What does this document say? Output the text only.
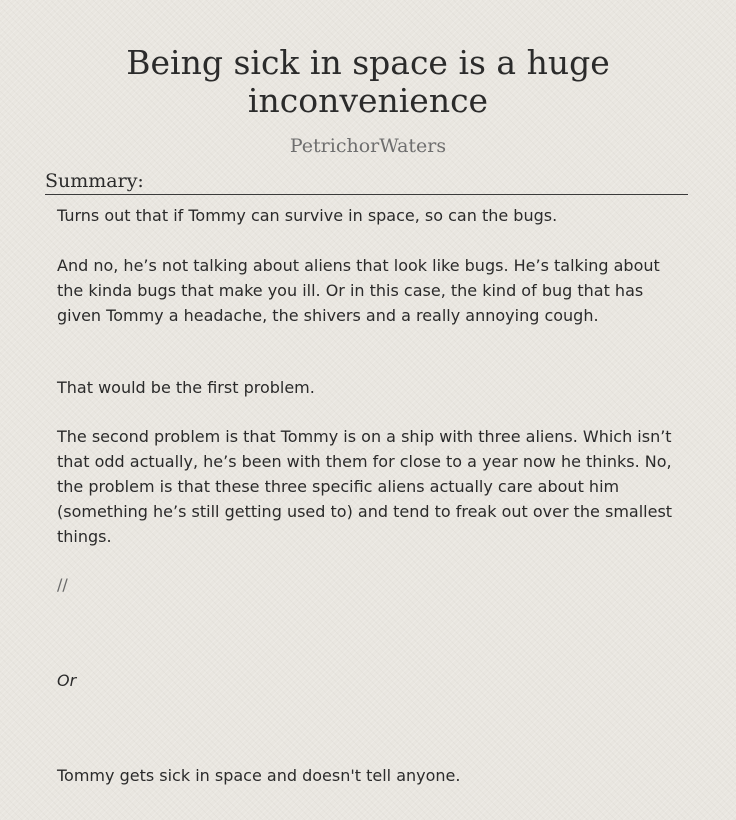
Being sick in space is a huge inconvenience
PetrichorWaters
Summary:

Turns out that if Tommy can survive in space, so can the bugs.

And no, he’s not talking about aliens that look like bugs. He’s talking about the kinda bugs that make you ill. Or in this case, the kind of bug that has given Tommy a headache, the shivers and a really annoying cough.

That would be the first problem.

The second problem is that Tommy is on a ship with three aliens. Which isn’t that odd actually, he’s been with them for close to a year now he thinks. No, the problem is that these three specific aliens actually care about him (something he’s still getting used to) and tend to freak out over the smallest things.

//

Or

Tommy gets sick in space and doesn't tell anyone.
